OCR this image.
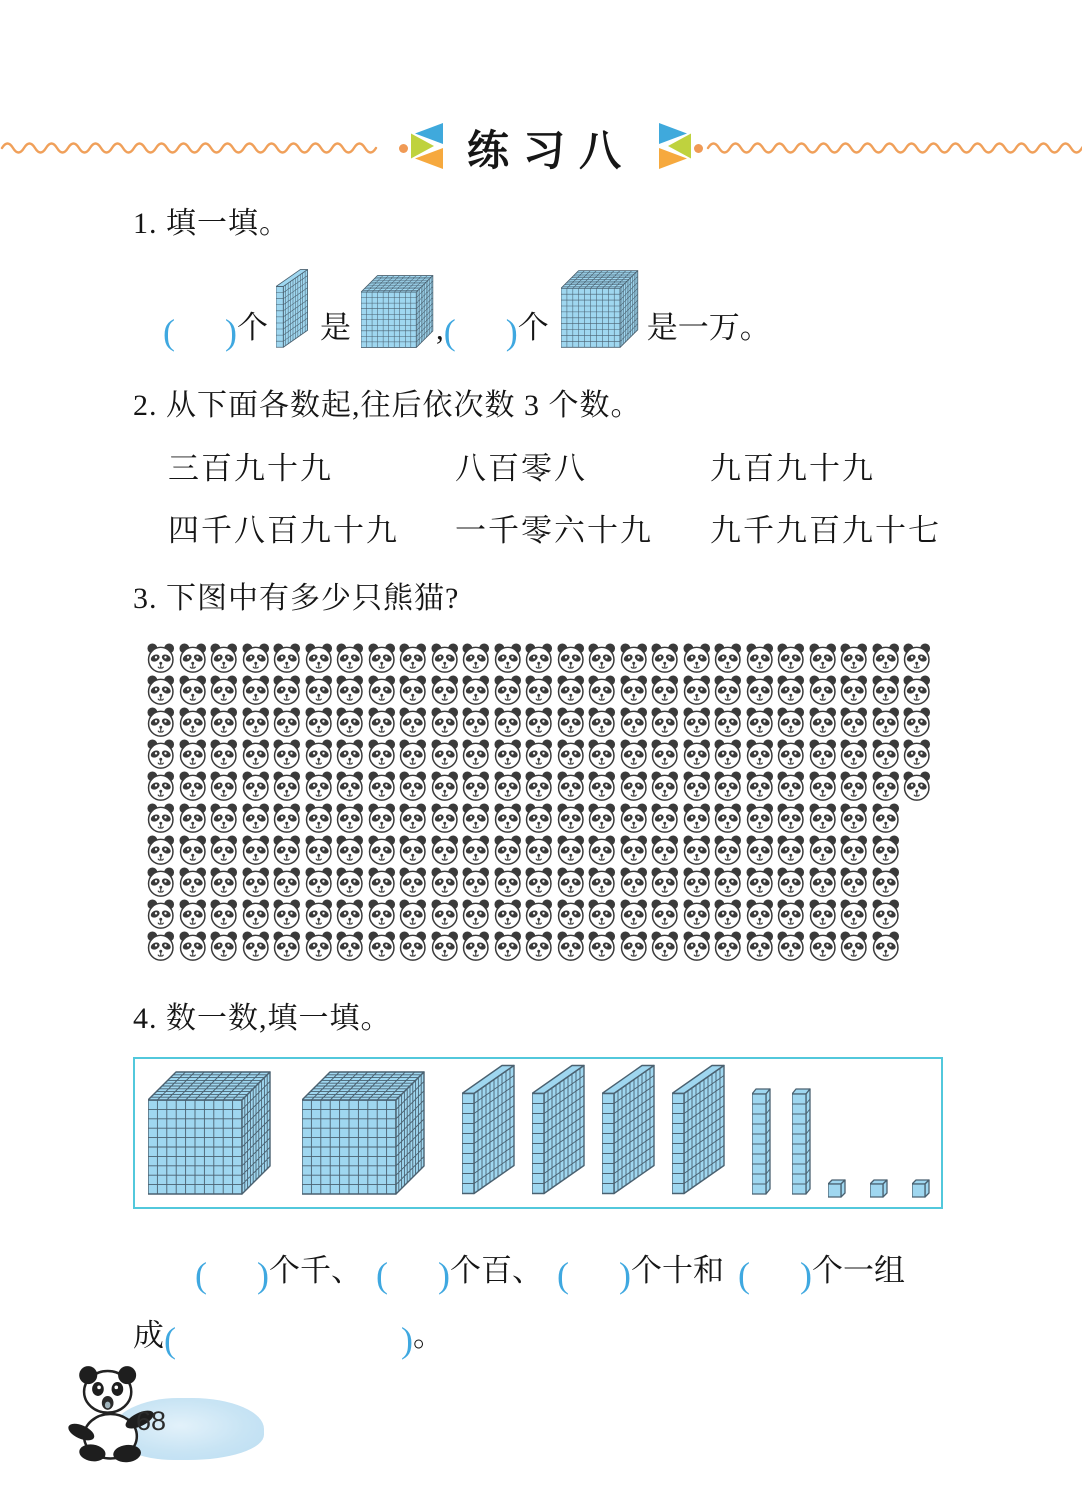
练习八
1. 填一填。
( ) 个 是	, ( ) 个	是一万。
2. 从下面各数起,往后依次数 3 个数。
三百九十九	八百零八	九百九十九
四千八百九十九	一千零六十九	九千九百九十七
3. 下图中有多少只熊猫?
4. 数一数,填一填。
( ) 个千、 ( ) 个百、 ( ) 个十和 ( ) 个一组
成 (	) 。
68
